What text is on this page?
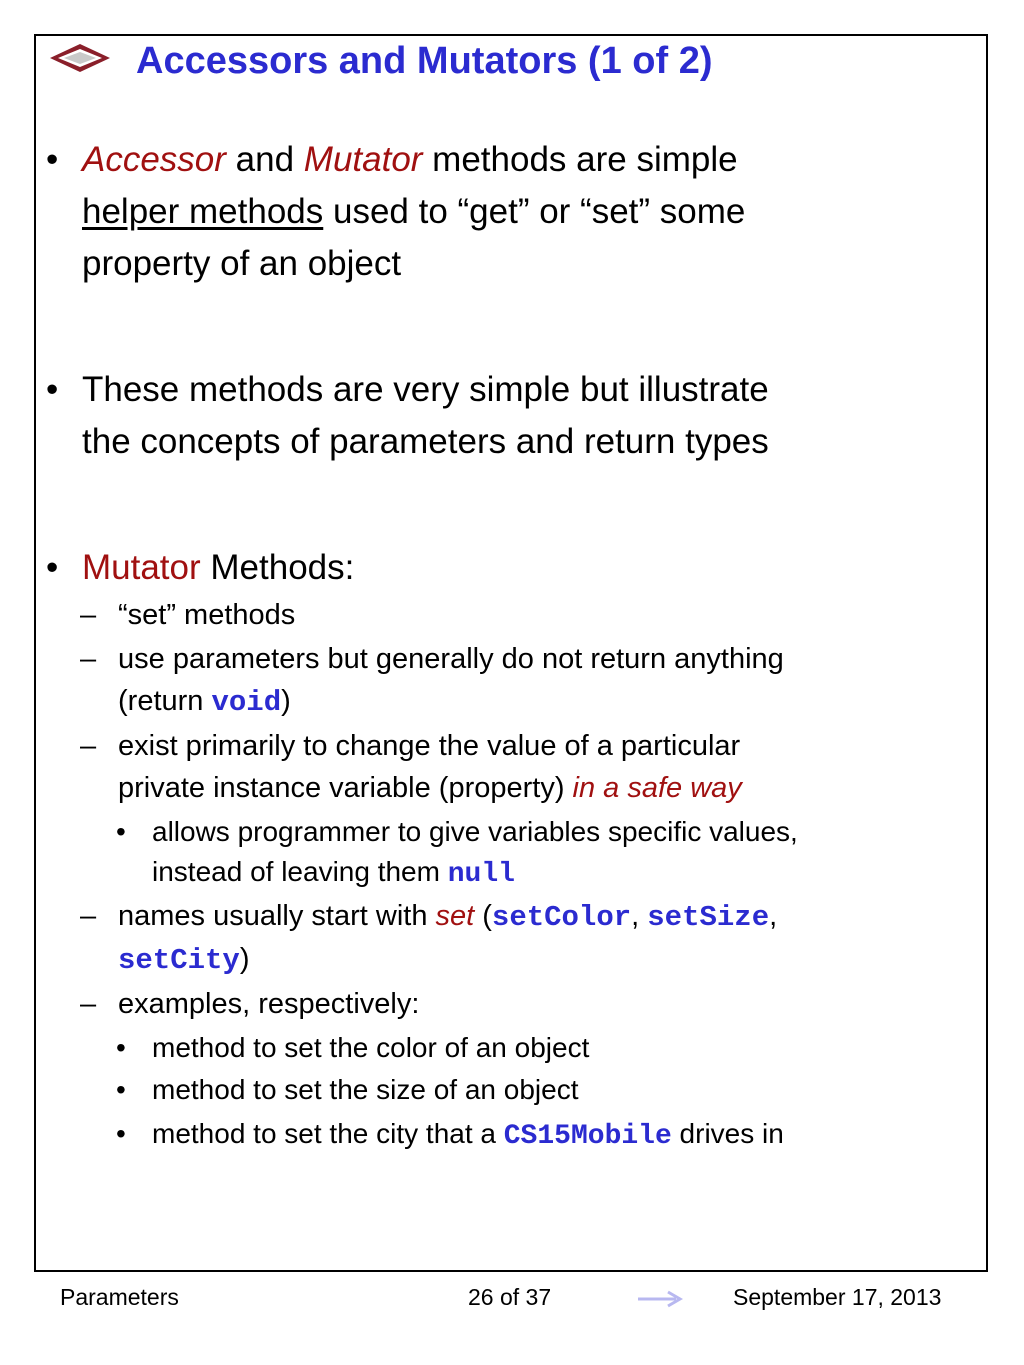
Accessors and Mutators (1 of 2)
• Accessor and Mutator methods are simple
helper methods used to “get” or “set” some
property of an object
• These methods are very simple but illustrate
the concepts of parameters and return types
• Mutator Methods:
– “set” methods
– use parameters but generally do not return anything
(return void)
– exist primarily to change the value of a particular
private instance variable (property) in a safe way
• allows programmer to give variables specific values,
instead of leaving them null
– names usually start with set (setColor, setSize,
setCity)
– examples, respectively:
• method to set the color of an object
• method to set the size of an object
• method to set the city that a CS15Mobile drives in
Parameters	26 of 37	September 17, 2013
